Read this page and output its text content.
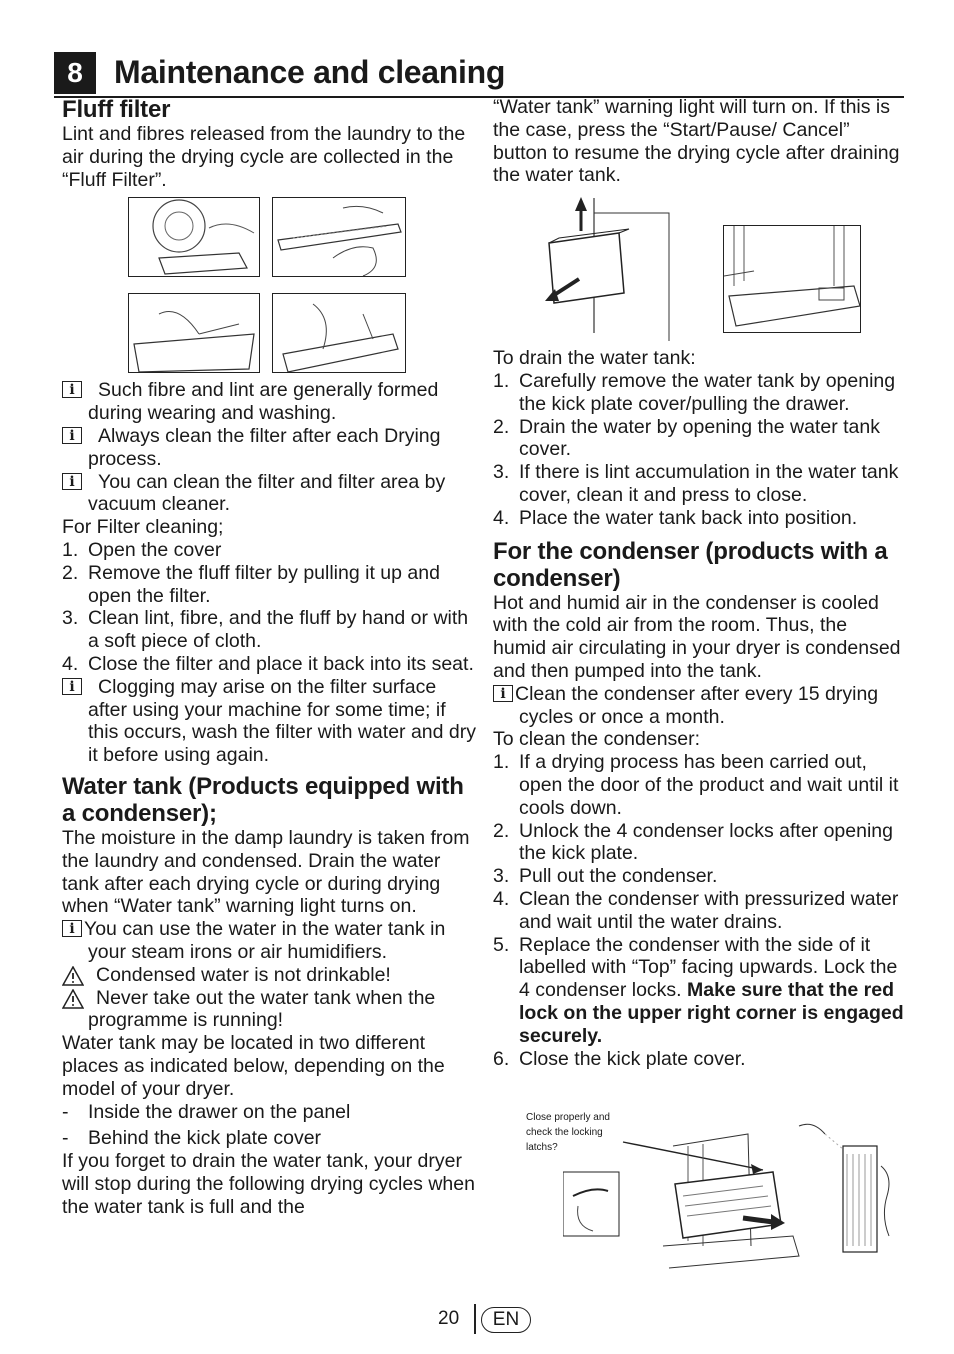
8 Maintenance and cleaning
Fluff filter

Lint and fibres released from the laundry to the air during the drying cycle are collected in the “Fluff Filter”.

i
Such fibre and lint are generally formed during wearing and washing.
i
Always clean the filter after each Drying process.
i
You can clean the filter and filter area by vacuum cleaner.

For Filter cleaning;

1. Open the cover
2. Remove the fluff filter by pulling it up and open the filter.
3. Clean lint, fibre, and the fluff by hand or with a soft piece of cloth.
4. Close the filter and place it back into its seat.
i
Clogging may arise on the filter surface after using your machine for some time; if this occurs, wash the filter with water and dry it before using again.
Water tank (Products equipped with a condenser);

The moisture in the damp laundry is taken from the laundry and condensed. Drain the water tank after each drying cycle or during drying when “Water tank” warning light turns on.

i
You can use the water in the water tank in your steam irons or air humidifiers.
Condensed water is not drinkable!
Never take out the water tank when the programme is running!

Water tank may be located in two different places as indicated below, depending on the model of your dryer.

- Inside the drawer on the panel
- Behind the kick plate cover

If you forget to drain the water tank, your dryer will stop during the following drying cycles when the water tank is full and the

“Water tank” warning light will turn on. If this is the case, press the “Start/Pause/ Cancel” button to resume the drying cycle after draining the water tank.

To drain the water tank:

1. Carefully remove the water tank by opening the kick plate cover/pulling the drawer.
2. Drain the water by opening the water tank cover.
3. If there is lint accumulation in the water tank cover, clean it and press to close.
4. Place the water tank back into position.
For the condenser (products with a condenser)

Hot and humid air in the condenser is cooled with the cold air from the room. Thus, the humid air circulating in your dryer is condensed and then pumped into the tank.

i
Clean the condenser after every 15 drying cycles or once a month.

To clean the condenser:

1. If a drying process has been carried out, open the door of the product and wait until it cools down.
2. Unlock the 4 condenser locks after opening the kick plate.
3. Pull out the condenser.
4. Clean the condenser with pressurized water and wait until the water drains.
5. Replace the condenser with the side of it labelled with “Top” facing upwards. Lock the 4 condenser locks. Make sure that the red lock on the upper right corner is engaged securely.
6. Close the kick plate cover.
Close properly and check the locking latchs?
20	EN
